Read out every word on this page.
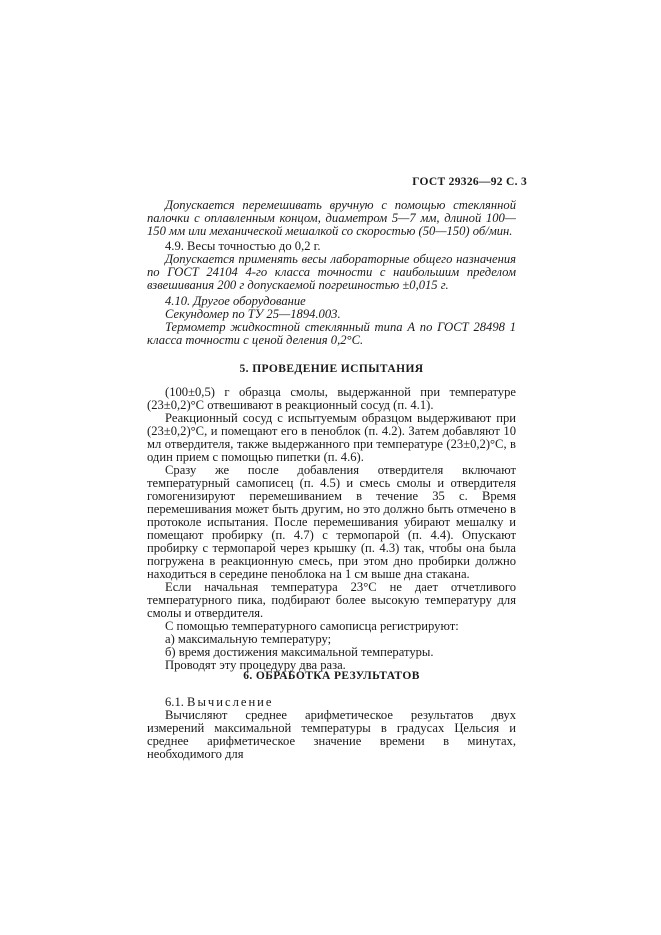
ГОСТ 29326—92 С. 3

Допускается перемешивать вручную с помощью стеклянной палочки с оплавленным концом, диаметром 5—7 мм, длиной 100—150 мм или механической мешалкой со скоростью (50—150) об/мин.

4.9. Весы точностью до 0,2 г.

Допускается применять весы лабораторные общего назначения по ГОСТ 24104 4-го класса точности с наибольшим пределом взвешивания 200 г допускаемой погрешностью ±0,015 г.

4.10. Другое оборудование

Секундомер по ТУ 25—1894.003.

Термометр жидкостной стеклянный типа А по ГОСТ 28498 1 класса точности с ценой деления 0,2°С.

5. ПРОВЕДЕНИЕ ИСПЫТАНИЯ

(100±0,5) г образца смолы, выдержанной при температуре (23±0,2)°С отвешивают в реакционный сосуд (п. 4.1).

Реакционный сосуд с испытуемым образцом выдерживают при (23±0,2)°С, и помещают его в пеноблок (п. 4.2). Затем добавляют 10 мл отвердителя, также выдержанного при температуре (23±0,2)°С, в один прием с помощью пипетки (п. 4.6).

Сразу же после добавления отвердителя включают температурный самописец (п. 4.5) и смесь смолы и отвердителя гомогенизируют перемешиванием в течение 35 с. Время перемешивания может быть другим, но это должно быть отмечено в протоколе испытания. После перемешивания убирают мешалку и помещают пробирку (п. 4.7) с термопарой (п. 4.4). Опускают пробирку с термопарой через крышку (п. 4.3) так, чтобы она была погружена в реакционную смесь, при этом дно пробирки должно находиться в середине пеноблока на 1 см выше дна стакана.

Если начальная температура 23°С не дает отчетливого температурного пика, подбирают более высокую температуру для смолы и отвердителя.

С помощью температурного самописца регистрируют:

а) максимальную температуру;

б) время достижения максимальной температуры.

Проводят эту процедуру два раза.

6. ОБРАБОТКА РЕЗУЛЬТАТОВ

6.1. Вычисление

Вычисляют среднее арифметическое результатов двух измерений максимальной температуры в градусах Цельсия и среднее арифметическое значение времени в минутах, необходимого для
